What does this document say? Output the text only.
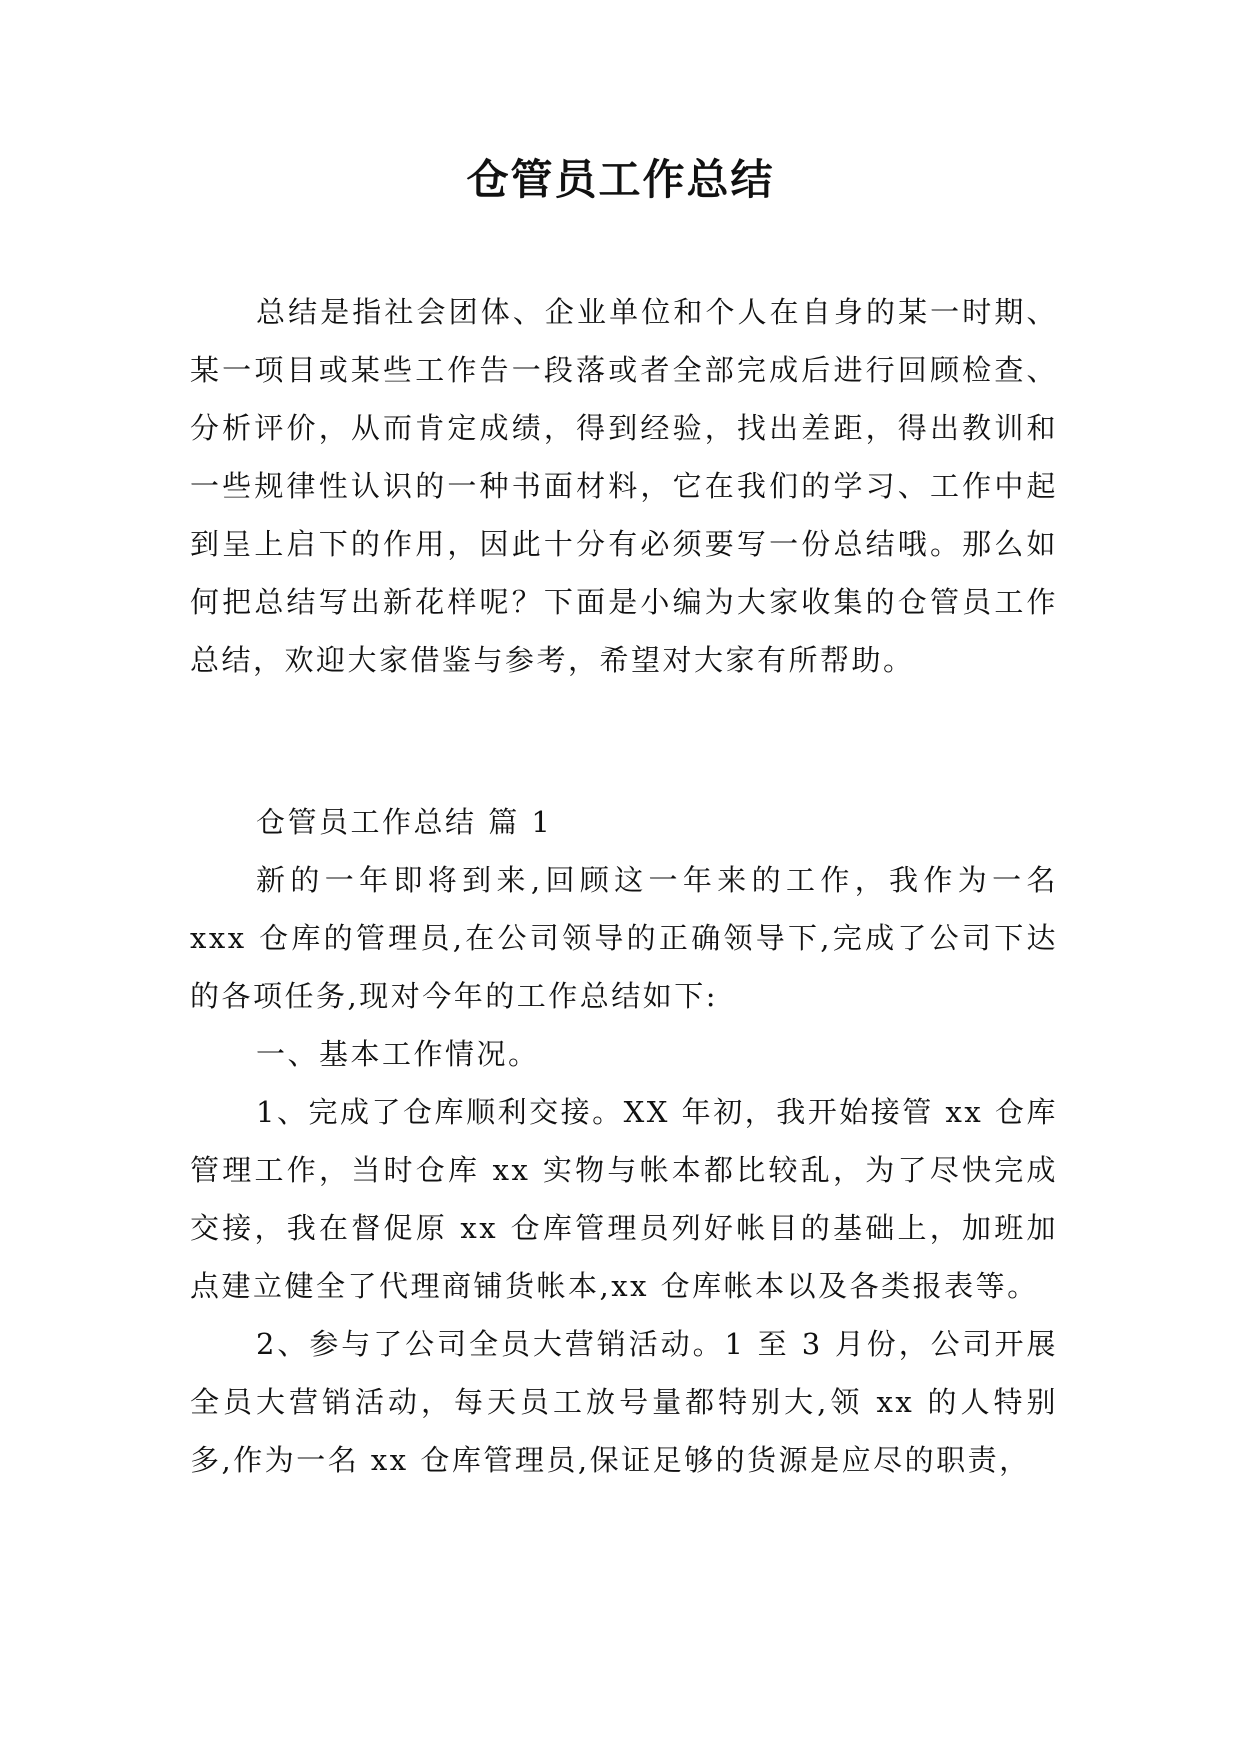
仓管员工作总结

总结是指社会团体、企业单位和个人在自身的某一时期、某一项目或某些工作告一段落或者全部完成后进行回顾检查、分析评价，从而肯定成绩，得到经验，找出差距，得出教训和一些规律性认识的一种书面材料，它在我们的学习、工作中起到呈上启下的作用，因此十分有必须要写一份总结哦。那么如何把总结写出新花样呢？下面是小编为大家收集的仓管员工作总结，欢迎大家借鉴与参考，希望对大家有所帮助。

仓管员工作总结 篇 1

新的一年即将到来,回顾这一年来的工作，我作为一名 xxx 仓库的管理员,在公司领导的正确领导下,完成了公司下达的各项任务,现对今年的工作总结如下:

一、基本工作情况。

1、完成了仓库顺利交接。XX 年初，我开始接管 xx 仓库管理工作，当时仓库 xx 实物与帐本都比较乱，为了尽快完成交接，我在督促原 xx 仓库管理员列好帐目的基础上，加班加点建立健全了代理商铺货帐本,xx 仓库帐本以及各类报表等。

2、参与了公司全员大营销活动。1 至 3 月份，公司开展全员大营销活动，每天员工放号量都特别大,领 xx 的人特别多,作为一名 xx 仓库管理员,保证足够的货源是应尽的职责，
